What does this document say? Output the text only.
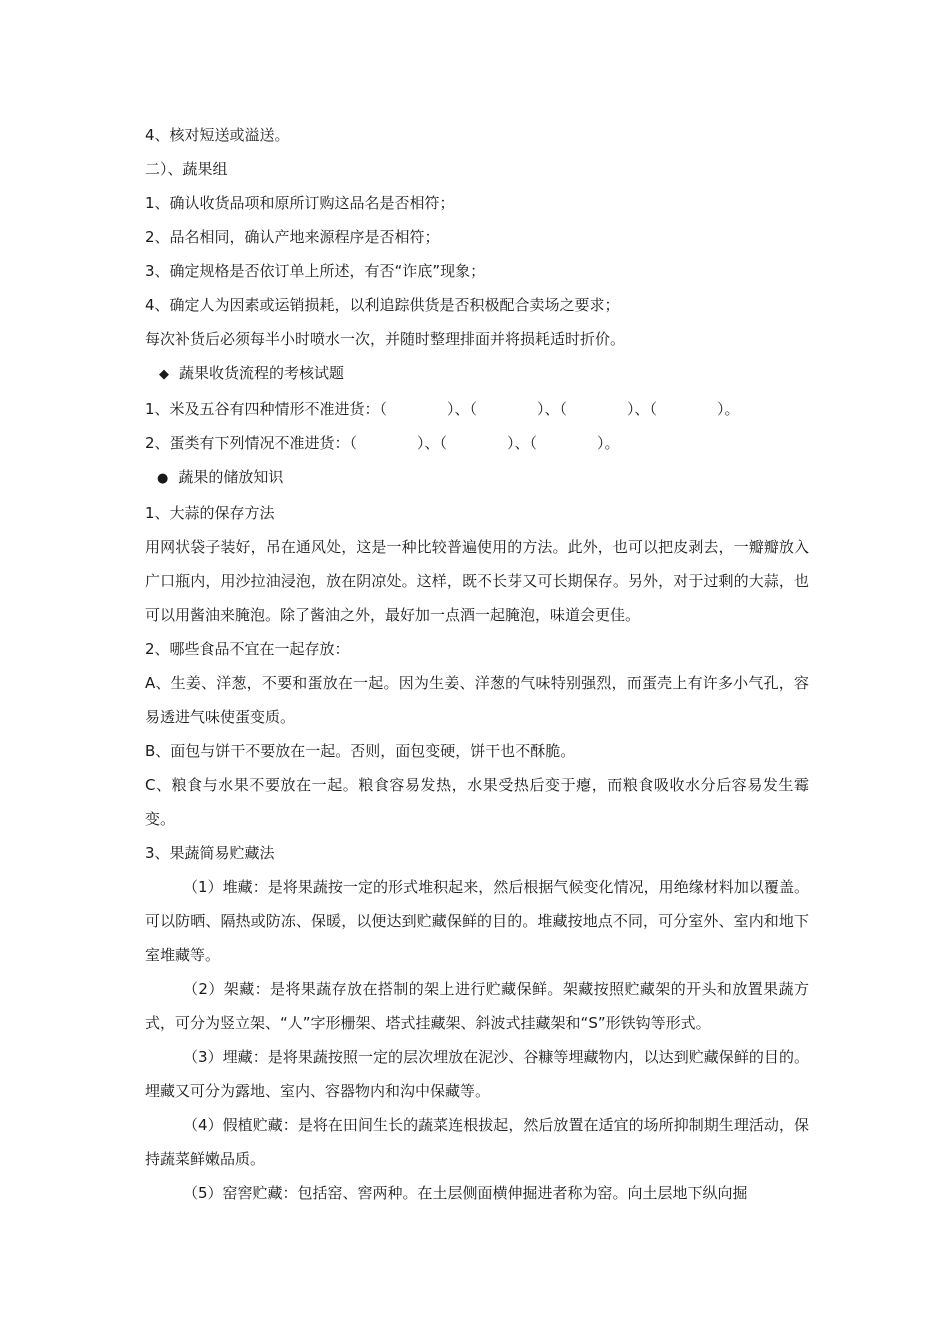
4、核对短送或溢送。
二）、蔬果组
1、确认收货品项和原所订购这品名是否相符；
2、品名相同，确认产地来源程序是否相符；
3、确定规格是否依订单上所述，有否“诈底”现象；
4、确定人为因素或运销损耗，以利追踪供货是否积极配合卖场之要求；
每次补货后必须每半小时喷水一次，并随时整理排面并将损耗适时折价。
◆ 蔬果收货流程的考核试题
1、米及五谷有四种情形不准进货：（　　　　）、（　　　　）、（　　　　）、（　　　　）。
2、蛋类有下列情况不准进货：（　　　　）、（　　　　）、（　　　　）。
● 蔬果的储放知识
1、大蒜的保存方法
用网状袋子装好，吊在通风处，这是一种比较普遍使用的方法。此外，也可以把皮剥去，一瓣瓣放入广口瓶内，用沙拉油浸泡，放在阴凉处。这样，既不长芽又可长期保存。另外，对于过剩的大蒜，也可以用酱油来腌泡。除了酱油之外，最好加一点酒一起腌泡，味道会更佳。
2、哪些食品不宜在一起存放：
A、生姜、洋葱，不要和蛋放在一起。因为生姜、洋葱的气味特别强烈，而蛋壳上有许多小气孔，容易透进气味使蛋变质。
B、面包与饼干不要放在一起。否则，面包变硬，饼干也不酥脆。
C、粮食与水果不要放在一起。粮食容易发热，水果受热后变于瘪，而粮食吸收水分后容易发生霉变。
3、果蔬简易贮藏法
（1）堆藏：是将果蔬按一定的形式堆积起来，然后根据气候变化情况，用绝缘材料加以覆盖。可以防晒、隔热或防冻、保暖，以便达到贮藏保鲜的目的。堆藏按地点不同，可分室外、室内和地下室堆藏等。
（2）架藏：是将果蔬存放在搭制的架上进行贮藏保鲜。架藏按照贮藏架的开头和放置果蔬方式，可分为竖立架、“人”字形栅架、塔式挂藏架、斜波式挂藏架和“S”形铁钩等形式。
（3）埋藏：是将果蔬按照一定的层次埋放在泥沙、谷糠等埋藏物内，以达到贮藏保鲜的目的。埋藏又可分为露地、室内、容器物内和沟中保藏等。
（4）假植贮藏：是将在田间生长的蔬菜连根拔起，然后放置在适宜的场所抑制期生理活动，保持蔬菜鲜嫩品质。
（5）窑窖贮藏：包括窑、窖两种。在土层侧面横伸掘进者称为窑。向土层地下纵向掘
